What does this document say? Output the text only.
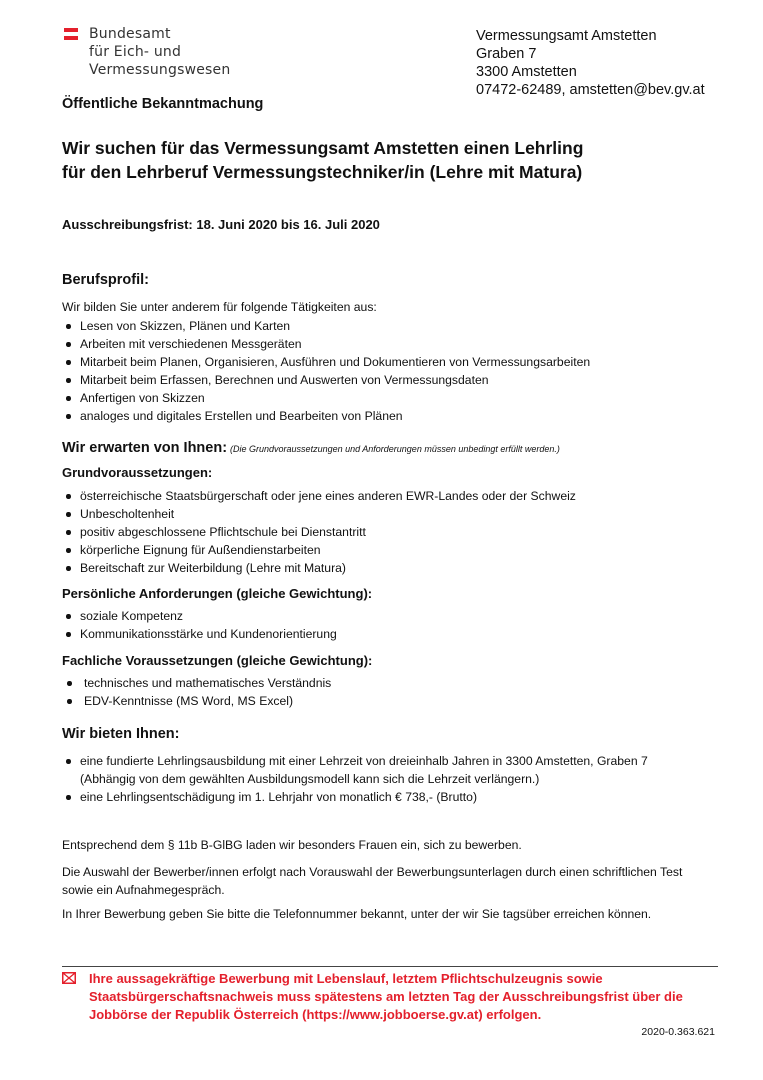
Bundesamt
für Eich- und
Vermessungswesen
Vermessungsamt Amstetten
Graben 7
3300 Amstetten
07472-62489, amstetten@bev.gv.at
Öffentliche Bekanntmachung
Wir suchen für das Vermessungsamt Amstetten einen Lehrling
für den Lehrberuf Vermessungstechniker/in (Lehre mit Matura)
Ausschreibungsfrist: 18. Juni 2020 bis 16. Juli 2020
Berufsprofil:
Wir bilden Sie unter anderem für folgende Tätigkeiten aus:
Lesen von Skizzen, Plänen und Karten
Arbeiten mit verschiedenen Messgeräten
Mitarbeit beim Planen, Organisieren, Ausführen und Dokumentieren von Vermessungsarbeiten
Mitarbeit beim Erfassen, Berechnen und Auswerten von Vermessungsdaten
Anfertigen von Skizzen
analoges und digitales Erstellen und Bearbeiten von Plänen
Wir erwarten von Ihnen: (Die Grundvoraussetzungen und Anforderungen müssen unbedingt erfüllt werden.)
Grundvoraussetzungen:
österreichische Staatsbürgerschaft oder jene eines anderen EWR-Landes oder der Schweiz
Unbescholtenheit
positiv abgeschlossene Pflichtschule bei Dienstantritt
körperliche Eignung für Außendienstarbeiten
Bereitschaft zur Weiterbildung (Lehre mit Matura)
Persönliche Anforderungen (gleiche Gewichtung):
soziale Kompetenz
Kommunikationsstärke und Kundenorientierung
Fachliche Voraussetzungen (gleiche Gewichtung):
technisches und mathematisches Verständnis
EDV-Kenntnisse (MS Word, MS Excel)
Wir bieten Ihnen:
eine fundierte Lehrlingsausbildung mit einer Lehrzeit von dreieinhalb Jahren in 3300 Amstetten, Graben 7
(Abhängig von dem gewählten Ausbildungsmodell kann sich die Lehrzeit verlängern.)
eine Lehrlingsentschädigung im 1. Lehrjahr von monatlich € 738,- (Brutto)
Entsprechend dem § 11b B-GlBG laden wir besonders Frauen ein, sich zu bewerben.
Die Auswahl der Bewerber/innen erfolgt nach Vorauswahl der Bewerbungsunterlagen durch einen schriftlichen Test sowie ein Aufnahmegespräch.
In Ihrer Bewerbung geben Sie bitte die Telefonnummer bekannt, unter der wir Sie tagsüber erreichen können.
Ihre aussagekräftige Bewerbung mit Lebenslauf, letztem Pflichtschulzeugnis sowie
Staatsbürgerschaftsnachweis muss spätestens am letzten Tag der Ausschreibungsfrist über die
Jobbörse der Republik Österreich (https://www.jobboerse.gv.at) erfolgen.
2020-0.363.621
